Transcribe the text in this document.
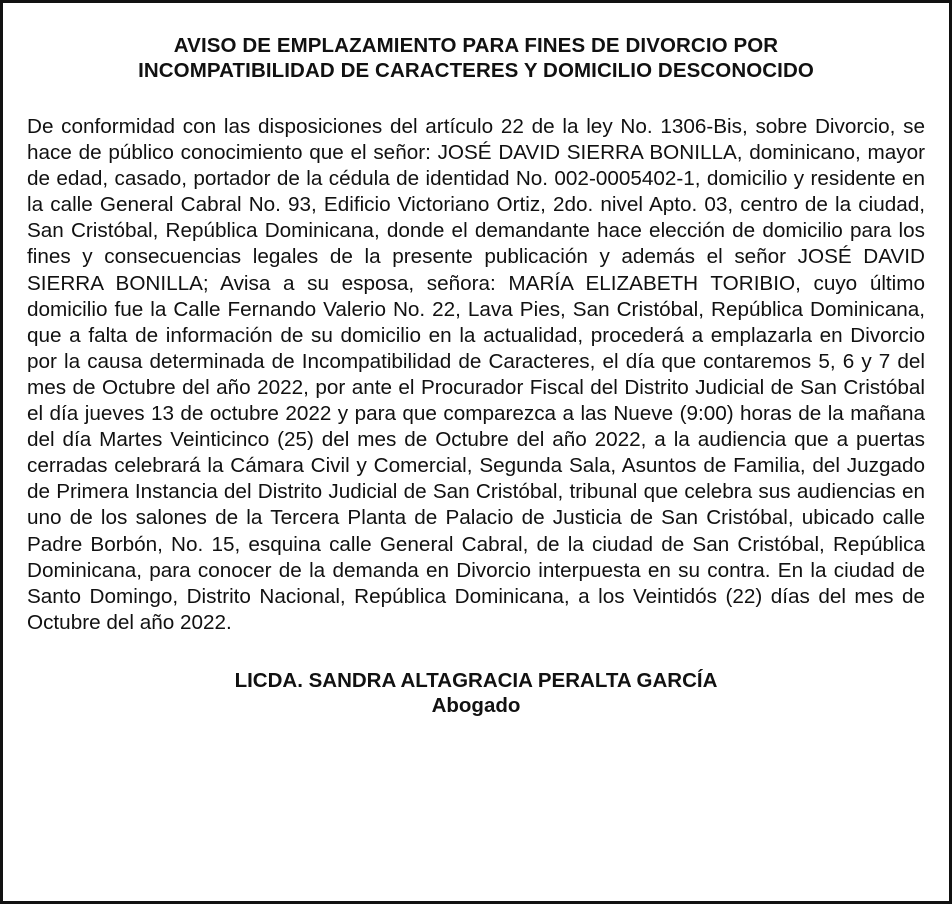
AVISO DE EMPLAZAMIENTO PARA FINES DE DIVORCIO POR
INCOMPATIBILIDAD DE CARACTERES Y DOMICILIO DESCONOCIDO

De conformidad con las disposiciones del artículo 22 de la ley No. 1306-Bis, sobre Divorcio, se hace de público conocimiento que el señor: JOSÉ DAVID SIERRA BONILLA, dominicano, mayor de edad, casado, portador de la cédula de identidad No. 002-0005402-1, domicilio y residente en la calle General Cabral No. 93, Edificio Victoriano Ortiz, 2do. nivel Apto. 03, centro de la ciudad, San Cristóbal, República Dominicana, donde el demandante hace elección de domicilio para los fines y consecuencias legales de la presente publicación y además el señor JOSÉ DAVID SIERRA BONILLA; Avisa a su esposa, señora: MARÍA ELIZABETH TORIBIO, cuyo último domicilio fue la Calle Fernando Valerio No. 22, Lava Pies, San Cristóbal, República Dominicana, que a falta de información de su domicilio en la actualidad, procederá a emplazarla en Divorcio por la causa determinada de Incompatibilidad de Caracteres, el día que contaremos 5, 6 y 7 del mes de Octubre del año 2022, por ante el Procurador Fiscal del Distrito Judicial de San Cristóbal el día jueves 13 de octubre 2022 y para que comparezca a las Nueve (9:00) horas de la mañana del día Martes Veinticinco (25) del mes de Octubre del año 2022, a la audiencia que a puertas cerradas celebrará la Cámara Civil y Comercial, Segunda Sala, Asuntos de Familia, del Juzgado de Primera Instancia del Distrito Judicial de San Cristóbal, tribunal que celebra sus audiencias en uno de los salones de la Tercera Planta de Palacio de Justicia de San Cristóbal, ubicado calle Padre Borbón, No. 15, esquina calle General Cabral, de la ciudad de San Cristóbal, República Dominicana, para conocer de la demanda en Divorcio interpuesta en su contra. En la ciudad de Santo Domingo, Distrito Nacional, República Dominicana, a los Veintidós (22) días del mes de Octubre del año 2022.

LICDA. SANDRA ALTAGRACIA PERALTA GARCÍA
Abogado
